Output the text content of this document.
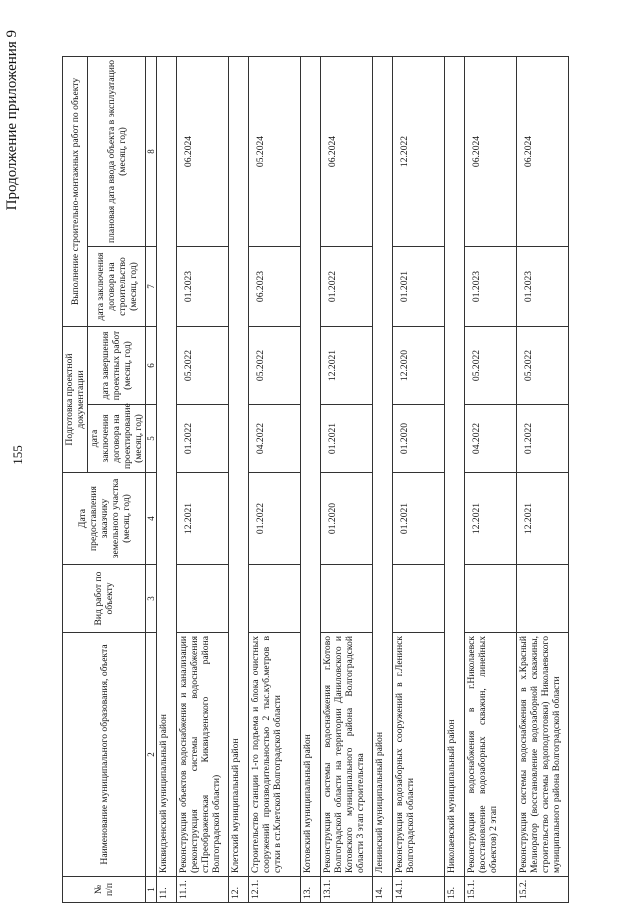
155
Продолжение приложения 9
№ п/п	Наименование муниципального образования, объекта	Вид работ по объекту	Дата предоставления заказчику земельного участка (месяц, год)	Подготовка проектной документации		Выполнение строительно-монтажных работ по объекту	
				дата заключения договора на проектирование (месяц, год)	дата завершения проектных работ (месяц, год)	дата заключения договора на строительство (месяц, год)	плановая дата ввода объекта в эксплуатацию (месяц, год)
1	2	3	4	5	6	7	8
11.	Киквидзенский муниципальный район						
11.1.	Реконструкция объектов водоснабжения и канализации (реконструкция системы водоснабжения ст.Преображенская Киквидзенского района Волгоградской области)		12.2021	01.2022	05.2022	01.2023	06.2024
12.	Клетский муниципальный район						
12.1.	Строительство станции 1-го подъема и блока очистных сооружений производительностью 2 тыс.куб.метров в сутки в ст.Клетской Волгоградской области		01.2022	04.2022	05.2022	06.2023	05.2024
13.	Котовский муниципальный район						
13.1.	Реконструкция системы водоснабжения г.Котово Волгоградской области на территории Даниловского и Котовского муниципального района Волгоградской области 3 этап строительства		01.2020	01.2021	12.2021	01.2022	06.2024
14.	Ленинский муниципальный район						
14.1.	Реконструкция водозаборных сооружений в г.Ленинск Волгоградской области		01.2021	01.2020	12.2020	01.2021	12.2022
15.	Николаевский муниципальный район						
15.1.	Реконструкция водоснабжения в г.Николаевск (восстановление водозаборных скважин, линейных объектов) 2 этап		12.2021	04.2022	05.2022	01.2023	06.2024
15.2.	Реконструкция системы водоснабжения в х.Красный Мелиоратор (восстановление водозаборной скважины, строительство системы водоподготовки) Николаевского муниципального района Волгоградской области		12.2021	01.2022	05.2022	01.2023	06.2024
